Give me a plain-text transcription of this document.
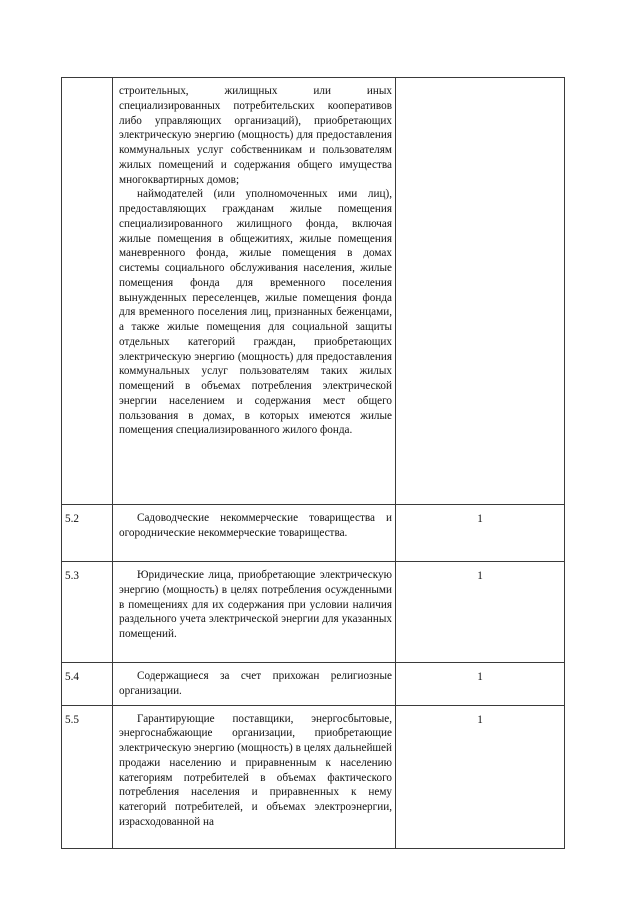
	строительных, жилищных или иных специализированных потребительских кооперативов либо управляющих организаций), приобретающих электрическую энергию (мощность) для предоставления коммунальных услуг собственникам и пользователям жилых помещений и содержания общего имущества многоквартирных домов;

наймодателей (или уполномоченных ими лиц), предоставляющих гражданам жилые помещения специализированного жилищного фонда, включая жилые помещения в общежитиях, жилые помещения маневренного фонда, жилые помещения в домах системы социального обслуживания населения, жилые помещения фонда для временного поселения вынужденных переселенцев, жилые помещения фонда для временного поселения лиц, признанных беженцами, а также жилые помещения для социальной защиты отдельных категорий граждан, приобретающих электрическую энергию (мощность) для предоставления коммунальных услуг пользователям таких жилых помещений в объемах потребления электрической энергии населением и содержания мест общего пользования в домах, в которых имеются жилые помещения специализированного жилого фонда.	

5.2	Садоводческие некоммерческие товарищества и огороднические некоммерческие товарищества.	1
5.3	Юридические лица, приобретающие электрическую энергию (мощность) в целях потребления осужденными в помещениях для их содержания при условии наличия раздельного учета электрической энергии для указанных помещений.	1
5.4	Содержащиеся за счет прихожан религиозные организации.	1
5.5	Гарантирующие поставщики, энергосбытовые, энергоснабжающие организации, приобретающие электрическую энергию (мощность) в целях дальнейшей продажи населению и приравненным к населению категориям потребителей в объемах фактического потребления населения и приравненных к нему категорий потребителей, и объемах электроэнергии, израсходованной на	1
